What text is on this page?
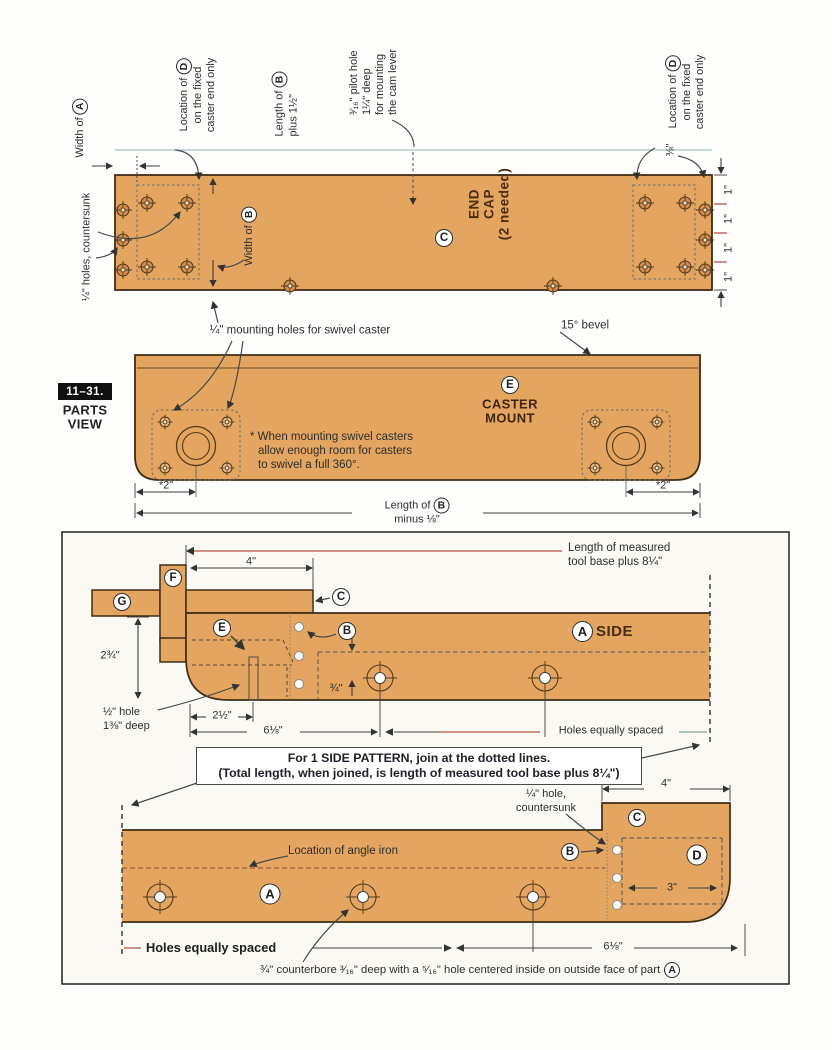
Width of
A	Location of
D on the fixed caster end only	Length of
B
plus 1½"
³⁄₁₆" pilot hole 1¼" deep for mounting the cam lever	Location of
D on the fixed caster end only
⅜"
¼" holes, countersunk	Width of
B
C
END CAP (2 needed)	1"
1"
1"
1"
¼" mounting holes for swivel caster	15° bevel
E
CASTER
MOUNT
* When mounting swivel casters
allow enough room for casters
to swivel a full 360°.
*2"	*2"
Length of B
minus ⅛"
11–31.
PARTS
VIEW
Length of measured
tool base plus 8¼"
4"
F
G	C
E	B	A SIDE
2¾"
¾"
½" hole
1⅜" deep
2½"
6⅛"	Holes equally spaced
For 1 SIDE PATTERN, join at the dotted lines.
(Total length, when joined, is length of measured tool base plus 8¼")
¼" hole,
countersunk
4"
C
B	D
A
Location of angle iron
3"
Holes equally spaced	6⅛"
¾" counterbore ³⁄₁₆" deep with a ⁵⁄₁₆" hole centered inside on outside face of part A
